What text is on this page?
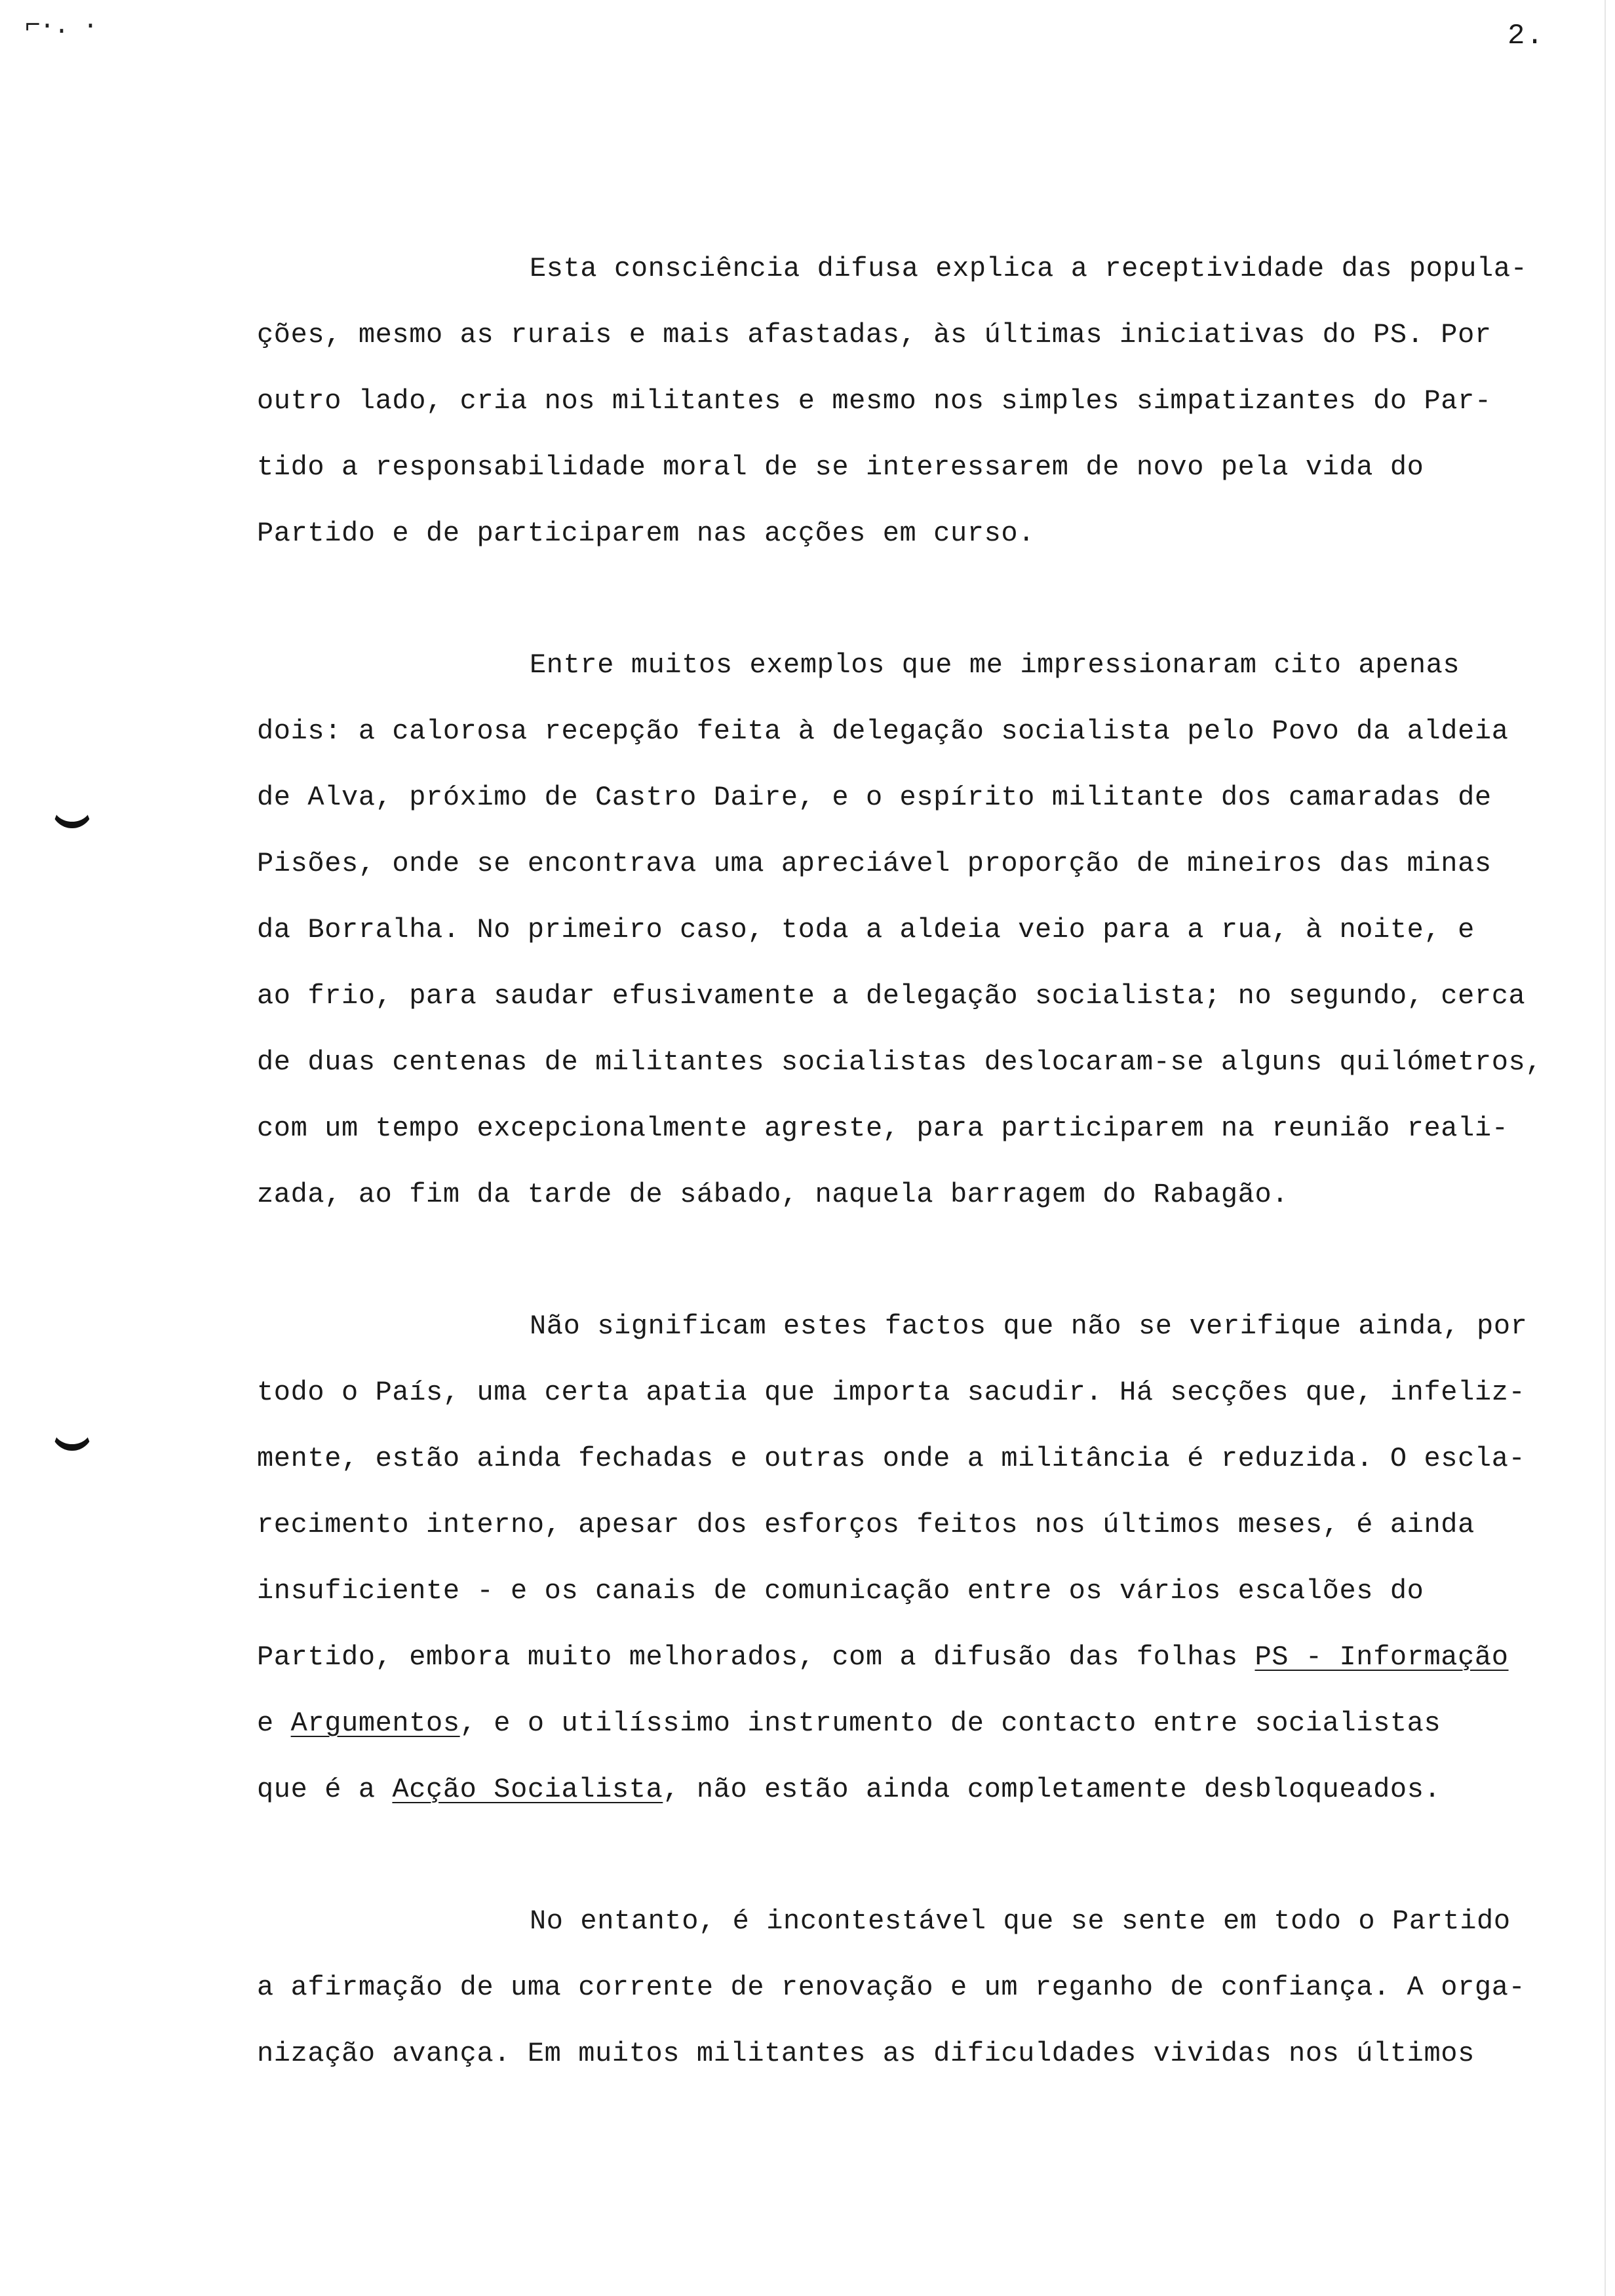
⌐·. ·	2.

Esta consciência difusa explica a receptividade das popula-
ções, mesmo as rurais e mais afastadas, às últimas iniciativas do PS. Por
outro lado, cria nos militantes e mesmo nos simples simpatizantes do Par-
tido a responsabilidade moral de se interessarem de novo pela vida do
Partido e de participarem nas acções em curso.

Entre muitos exemplos que me impressionaram cito apenas
dois: a calorosa recepção feita à delegação socialista pelo Povo da aldeia
de Alva, próximo de Castro Daire, e o espírito militante dos camaradas de
Pisões, onde se encontrava uma apreciável proporção de mineiros das minas
da Borralha. No primeiro caso, toda a aldeia veio para a rua, à noite, e
ao frio, para saudar efusivamente a delegação socialista; no segundo, cerca
de duas centenas de militantes socialistas deslocaram-se alguns quilómetros,
com um tempo excepcionalmente agreste, para participarem na reunião reali-
zada, ao fim da tarde de sábado, naquela barragem do Rabagão.

Não significam estes factos que não se verifique ainda, por
todo o País, uma certa apatia que importa sacudir. Há secções que, infeliz-
mente, estão ainda fechadas e outras onde a militância é reduzida. O escla-
recimento interno, apesar dos esforços feitos nos últimos meses, é ainda
insuficiente - e os canais de comunicação entre os vários escalões do
Partido, embora muito melhorados, com a difusão das folhas PS - Informação
e Argumentos, e o utilíssimo instrumento de contacto entre socialistas
que é a Acção Socialista, não estão ainda completamente desbloqueados.

No entanto, é incontestável que se sente em todo o Partido
a afirmação de uma corrente de renovação e um reganho de confiança. A orga-
nização avança. Em muitos militantes as dificuldades vividas nos últimos
